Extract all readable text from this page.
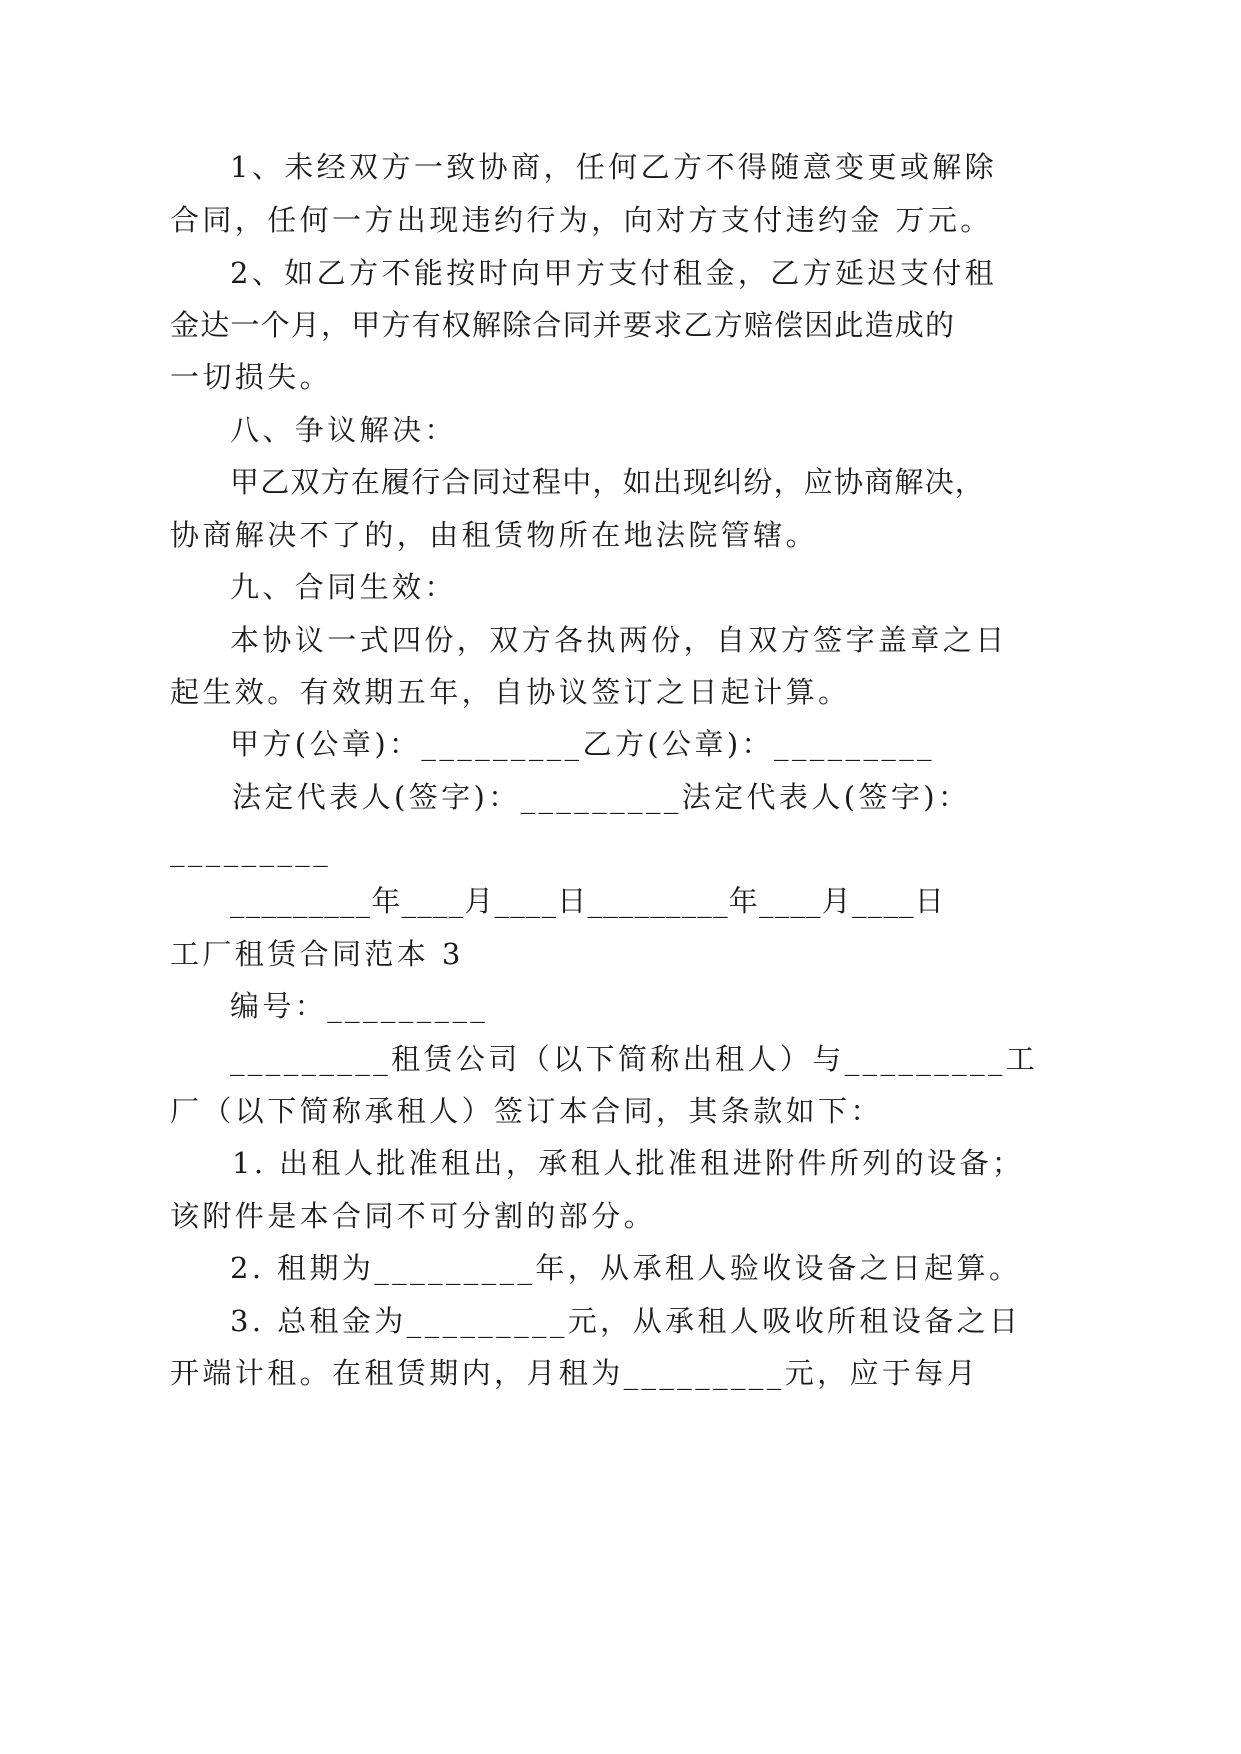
1、未经双方一致协商，任何乙方不得随意变更或解除
合同，任何一方出现违约行为，向对方支付违约金 万元。
2、如乙方不能按时向甲方支付租金，乙方延迟支付租
金达一个月，甲方有权解除合同并要求乙方赔偿因此造成的
一切损失。
八、争议解决：
甲乙双方在履行合同过程中，如出现纠纷，应协商解决，
协商解决不了的，由租赁物所在地法院管辖。
九、合同生效：
本协议一式四份，双方各执两份，自双方签字盖章之日
起生效。有效期五年，自协议签订之日起计算。
甲方(公章)：_________乙方(公章)：_________
法定代表人(签字)：_________法定代表人(签字)：
_________
_________年____月____日_________年____月____日
工厂租赁合同范本 3
编号：_________
_________租赁公司（以下简称出租人）与_________工
厂（以下简称承租人）签订本合同，其条款如下：
1. 出租人批准租出，承租人批准租进附件所列的设备；
该附件是本合同不可分割的部分。
2. 租期为_________年，从承租人验收设备之日起算。
3. 总租金为_________元，从承租人吸收所租设备之日
开端计租。在租赁期内，月租为_________元，应于每月
